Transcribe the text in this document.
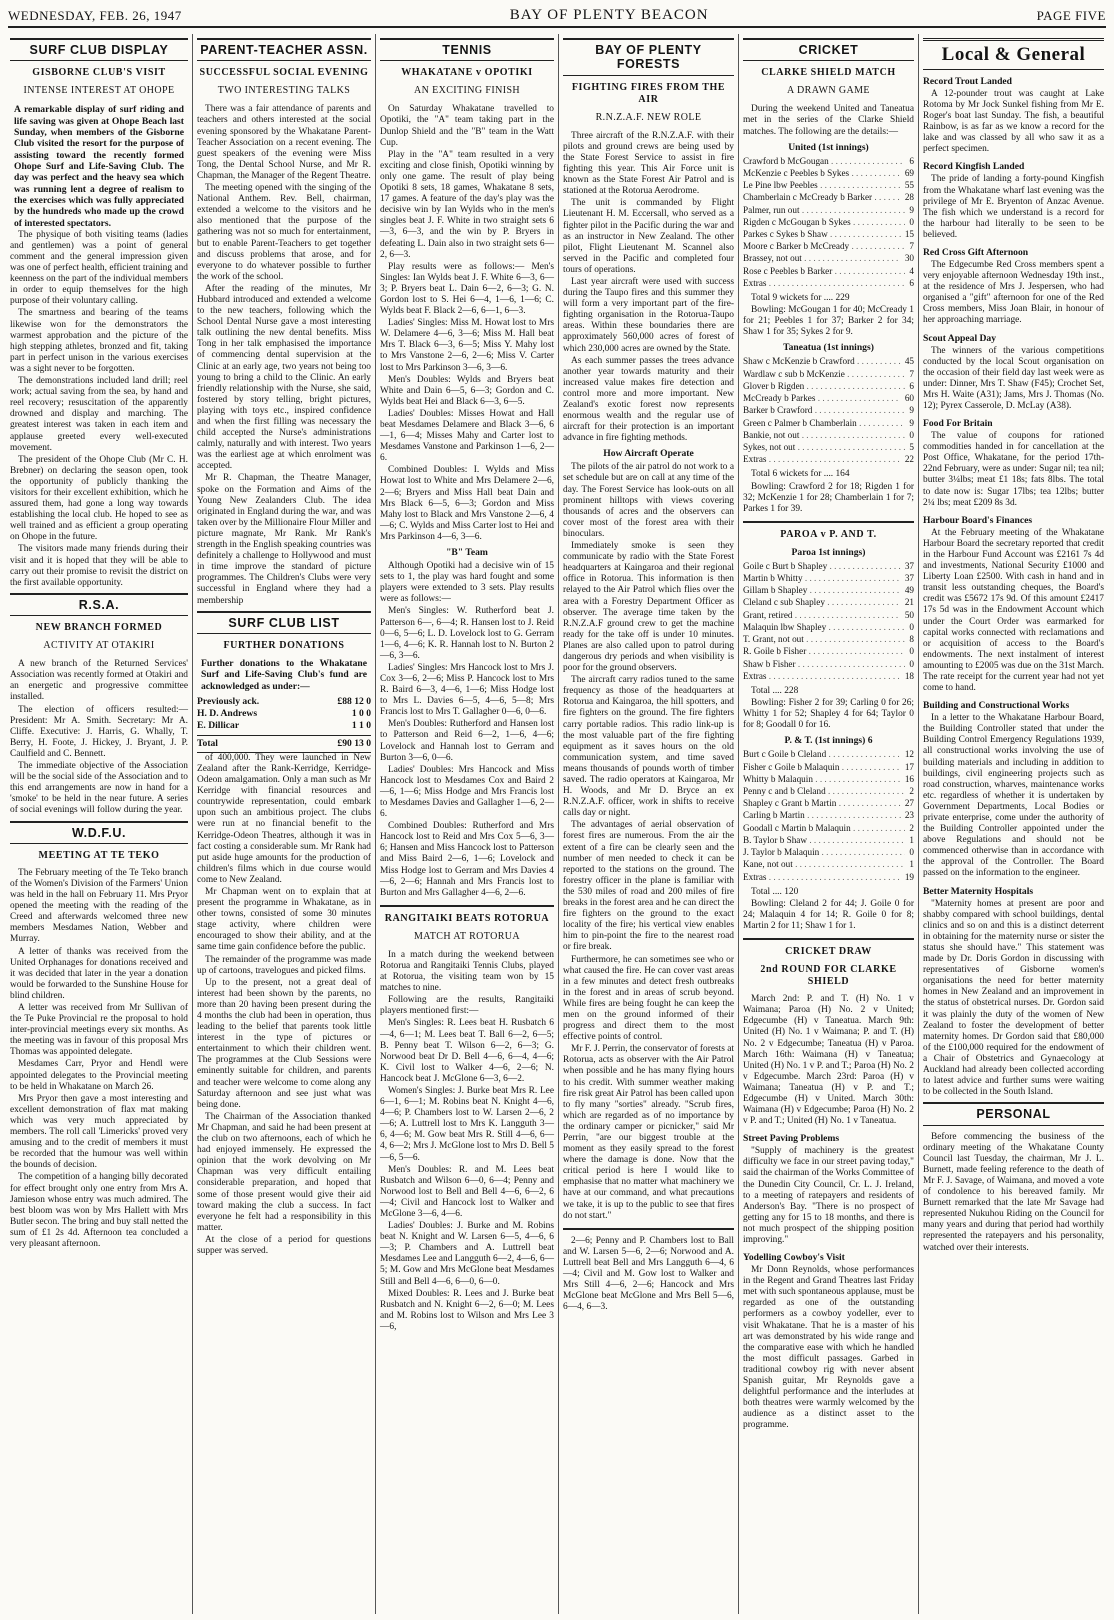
WEDNESDAY, FEB. 26, 1947	BAY OF PLENTY BEACON	PAGE FIVE
SURF CLUB DISPLAY
GISBORNE CLUB'S VISIT
INTENSE INTEREST AT OHOPE

A remarkable display of surf riding and life saving was given at Ohope Beach last Sunday, when members of the Gisborne Club visited the resort for the purpose of assisting toward the recently formed Ohope Surf and Life-Saving Club. The day was perfect and the heavy sea which was running lent a degree of realism to the exercises which was fully appreciated by the hundreds who made up the crowd of interested spectators.

The physique of both visiting teams (ladies and gentlemen) was a point of general comment and the general impression given was one of perfect health, efficient training and keenness on the part of the individual members in order to equip themselves for the high purpose of their voluntary calling.

The smartness and bearing of the teams likewise won for the demonstrators the warmest approbation and the picture of the high stepping athletes, bronzed and fit, taking part in perfect unison in the various exercises was a sight never to be forgotten.

The demonstrations included land drill; reel work; actual saving from the sea, by hand and reel recovery; resuscitation of the apparently drowned and display and marching. The greatest interest was taken in each item and applause greeted every well-executed movement.

The president of the Ohope Club (Mr C. H. Brebner) on declaring the season open, took the opportunity of publicly thanking the visitors for their excellent exhibition, which he assured them, had gone a long way towards establishing the local club. He hoped to see as well trained and as efficient a group operating on Ohope in the future.

The visitors made many friends during their visit and it is hoped that they will be able to carry out their promise to revisit the district on the first available opportunity.

R.S.A.
NEW BRANCH FORMED
ACTIVITY AT OTAKIRI

A new branch of the Returned Services' Association was recently formed at Otakiri and an energetic and progressive committee installed.

The election of officers resulted:— President: Mr A. Smith. Secretary: Mr A. Cliffe. Executive: J. Harris, G. Whally, T. Berry, H. Foote, J. Hickey, J. Bryant, J. P. Caulfield and C. Bennett.

The immediate objective of the Association will be the social side of the Association and to this end arrangements are now in hand for a 'smoke' to be held in the near future. A series of social evenings will follow during the year.

W.D.F.U.
MEETING AT TE TEKO

The February meeting of the Te Teko branch of the Women's Division of the Farmers' Union was held in the hall on February 11. Mrs Pryor opened the meeting with the reading of the Creed and afterwards welcomed three new members Mesdames Nation, Webber and Murray.

A letter of thanks was received from the United Orphanages for donations received and it was decided that later in the year a donation would be forwarded to the Sunshine House for blind children.

A letter was received from Mr Sullivan of the Te Puke Provincial re the proposal to hold inter-provincial meetings every six months. As the meeting was in favour of this proposal Mrs Thomas was appointed delegate.

Mesdames Carr, Pryor and Hendl were appointed delegates to the Provincial meeting to be held in Whakatane on March 26.

Mrs Pryor then gave a most interesting and excellent demonstration of flax mat making which was very much appreciated by members. The roll call 'Limericks' proved very amusing and to the credit of members it must be recorded that the humour was well within the bounds of decision.

The competition of a hanging billy decorated for effect brought only one entry from Mrs A. Jamieson whose entry was much admired. The best bloom was won by Mrs Hallett with Mrs Butler secon. The bring and buy stall netted the sum of £1 2s 4d. Afternoon tea concluded a very pleasant afternoon.

PARENT-TEACHER ASSN.
SUCCESSFUL SOCIAL EVENING
TWO INTERESTING TALKS

There was a fair attendance of parents and teachers and others interested at the social evening sponsored by the Whakatane Parent-Teacher Association on a recent evening. The guest speakers of the evening were Miss Tong, the Dental School Nurse, and Mr R. Chapman, the Manager of the Regent Theatre.

The meeting opened with the singing of the National Anthem. Rev. Bell, chairman, extended a welcome to the visitors and he also mentioned that the purpose of the gathering was not so much for entertainment, but to enable Parent-Teachers to get together and discuss problems that arose, and for everyone to do whatever possible to further the work of the school.

After the reading of the minutes, Mr Hubbard introduced and extended a welcome to the new teachers, following which the School Dental Nurse gave a most interesting talk outlining the new dental benefits. Miss Tong in her talk emphasised the importance of commencing dental supervision at the Clinic at an early age, two years not being too young to bring a child to the Clinic. An early friendly relationship with the Nurse, she said, fostered by story telling, bright pictures, playing with toys etc., inspired confidence and when the first filling was necessary the child accepted the Nurse's administrations calmly, naturally and with interest. Two years was the earliest age at which enrolment was accepted.

Mr R. Chapman, the Theatre Manager, spoke on the Formation and Aims of the Young New Zealanders Club. The idea originated in England during the war, and was taken over by the Millionaire Flour Miller and picture magnate, Mr Rank. Mr Rank's strength in the English speaking countries was definitely a challenge to Hollywood and must in time improve the standard of picture programmes. The Children's Clubs were very successful in England where they had a membership

SURF CLUB LIST
FURTHER DONATIONS

Further donations to the Whakatane Surf and Life-Saving Club's fund are acknowledged as under:—

Previously ack.	£88 12 0
H. D. Andrews	1 0 0
E. Dillicar	1 1 0
Total	£90 13 0

of 400,000. They were launched in New Zealand after the Rank-Kerridge, Kerridge-Odeon amalgamation. Only a man such as Mr Kerridge with financial resources and countrywide representation, could embark upon such an ambitious project. The clubs were run at no financial benefit to the Kerridge-Odeon Theatres, although it was in fact costing a considerable sum. Mr Rank had put aside huge amounts for the production of children's films which in due course would come to New Zealand.

Mr Chapman went on to explain that at present the programme in Whakatane, as in other towns, consisted of some 30 minutes stage activity, where children were encouraged to show their ability, and at the same time gain confidence before the public.

The remainder of the programme was made up of cartoons, travelogues and picked films.

Up to the present, not a great deal of interest had been shown by the parents, no more than 20 having been present during the 4 months the club had been in operation, thus leading to the belief that parents took little interest in the type of pictures or entertainment to which their children went. The programmes at the Club Sessions were eminently suitable for children, and parents and teacher were welcome to come along any Saturday afternoon and see just what was being done.

The Chairman of the Association thanked Mr Chapman, and said he had been present at the club on two afternoons, each of which he had enjoyed immensely. He expressed the opinion that the work devolving on Mr Chapman was very difficult entailing considerable preparation, and hoped that some of those present would give their aid toward making the club a success. In fact everyone he felt had a responsibility in this matter.

At the close of a period for questions supper was served.

TENNIS
WHAKATANE v OPOTIKI
AN EXCITING FINISH

On Saturday Whakatane travelled to Opotiki, the "A" team taking part in the Dunlop Shield and the "B" team in the Watt Cup.

Play in the "A" team resulted in a very exciting and close finish, Opotiki winning by only one game. The result of play being Opotiki 8 sets, 18 games, Whakatane 8 sets, 17 games. A feature of the day's play was the decisive win by Ian Wylds who in the men's singles beat J. F. White in two straight sets 6—3, 6—3, and the win by P. Bryers in defeating L. Dain also in two straight sets 6—2, 6—3.

Play results were as follows:— Men's Singles: Ian Wylds beat J. F. White 6—3, 6—3; P. Bryers beat L. Dain 6—2, 6—3; G. N. Gordon lost to S. Hei 6—4, 1—6, 1—6; C. Wylds beat F. Black 2—6, 6—1, 6—3.

Ladies' Singles: Miss M. Howat lost to Mrs W. Delamere 4—6, 3—6; Miss M. Hall beat Mrs T. Black 6—3, 6—5; Miss Y. Mahy lost to Mrs Vanstone 2—6, 2—6; Miss V. Carter lost to Mrs Parkinson 3—6, 3—6.

Men's Doubles: Wylds and Bryers beat White and Dain 6—5, 6—3; Gordon and C. Wylds beat Hei and Black 6—3, 6—5.

Ladies' Doubles: Misses Howat and Hall beat Mesdames Delamere and Black 3—6, 6—1, 6—4; Misses Mahy and Carter lost to Mesdames Vanstone and Parkinson 1—6, 2—6.

Combined Doubles: I. Wylds and Miss Howat lost to White and Mrs Delamere 2—6, 2—6; Bryers and Miss Hall beat Dain and Mrs Black 6—5, 6—3; Gordon and Miss Mahy lost to Black and Mrs Vanstone 2—6, 4—6; C. Wylds and Miss Carter lost to Hei and Mrs Parkinson 4—6, 3—6.

"B" Team

Although Opotiki had a decisive win of 15 sets to 1, the play was hard fought and some players were extended to 3 sets. Play results were as follows:—

Men's Singles: W. Rutherford beat J. Patterson 6—, 6—4; R. Hansen lost to J. Reid 0—6, 5—6; L. D. Lovelock lost to G. Gerram 1—6, 4—6; K. R. Hannah lost to N. Burton 2—6, 3—6.

Ladies' Singles: Mrs Hancock lost to Mrs J. Cox 3—6, 2—6; Miss P. Hancock lost to Mrs R. Baird 6—3, 4—6, 1—6; Miss Hodge lost to Mrs L. Davies 6—5, 4—6, 5—8; Mrs Francis lost to Mrs T. Gallagher 0—6, 0—6.

Men's Doubles: Rutherford and Hansen lost to Patterson and Reid 6—2, 1—6, 4—6; Lovelock and Hannah lost to Gerram and Burton 3—6, 0—6.

Ladies' Doubles: Mrs Hancock and Miss Hancock lost to Mesdames Cox and Baird 2—6, 1—6; Miss Hodge and Mrs Francis lost to Mesdames Davies and Gallagher 1—6, 2—6.

Combined Doubles: Rutherford and Mrs Hancock lost to Reid and Mrs Cox 5—6, 3—6; Hansen and Miss Hancock lost to Patterson and Miss Baird 2—6, 1—6; Lovelock and Miss Hodge lost to Gerram and Mrs Davies 4—6, 2—6; Hannah and Mrs Francis lost to Burton and Mrs Gallagher 4—6, 2—6.

RANGITAIKI BEATS ROTORUA
MATCH AT ROTORUA

In a match during the weekend between Rotorua and Rangitaiki Tennis Clubs, played at Rotorua, the visiting team won by 15 matches to nine.

Following are the results, Rangitaiki players mentioned first:—

Men's Singles: R. Lees beat H. Rusbatch 6—4, 6—1; M. Lees beat T. Ball 6—2, 6—5; B. Penny beat T. Wilson 6—2, 6—3; G. Norwood beat Dr D. Bell 4—6, 6—4, 4—6; K. Civil lost to Walker 4—6, 2—6; N. Hancock beat J. McGlone 6—3, 6—2.

Women's Singles: J. Burke beat Mrs R. Lee 6—1, 6—1; M. Robins beat N. Knight 4—6, 4—6; P. Chambers lost to W. Larsen 2—6, 2—6; A. Luttrell lost to Mrs K. Langguth 3—6, 4—6; M. Gow beat Mrs R. Still 4—6, 6—4, 6—2; Mrs J. McGlone lost to Mrs D. Bell 5—6, 5—6.

Men's Doubles: R. and M. Lees beat Rusbatch and Wilson 6—0, 6—4; Penny and Norwood lost to Bell and Bell 4—6, 6—2, 6—4; Civil and Hancock lost to Walker and McGlone 3—6, 4—6.

Ladies' Doubles: J. Burke and M. Robins beat N. Knight and W. Larsen 6—5, 4—6, 6—3; P. Chambers and A. Luttrell beat Mesdames Lee and Langguth 6—2, 4—6, 6—5; M. Gow and Mrs McGlone beat Mesdames Still and Bell 4—6, 6—0, 6—0.

Mixed Doubles: R. Lees and J. Burke beat Rusbatch and N. Knight 6—2, 6—0; M. Lees and M. Robins lost to Wilson and Mrs Lee 3—6,

BAY OF PLENTY FORESTS
FIGHTING FIRES FROM THE AIR
R.N.Z.A.F. NEW ROLE

Three aircraft of the R.N.Z.A.F. with their pilots and ground crews are being used by the State Forest Service to assist in fire fighting this year. This Air Force unit is known as the State Forest Air Patrol and is stationed at the Rotorua Aerodrome.

The unit is commanded by Flight Lieutenant H. M. Eccersall, who served as a fighter pilot in the Pacific during the war and as an instructor in New Zealand. The other pilot, Flight Lieutenant M. Scannel also served in the Pacific and completed four tours of operations.

Last year aircraft were used with success during the Taupo fires and this summer they will form a very important part of the fire-fighting organisation in the Rotorua-Taupo areas. Within these boundaries there are approximately 560,000 acres of forest of which 230,000 acres are owned by the State.

As each summer passes the trees advance another year towards maturity and their increased value makes fire detection and control more and more important. New Zealand's exotic forest now represents enormous wealth and the regular use of aircraft for their protection is an important advance in fire fighting methods.

How Aircraft Operate

The pilots of the air patrol do not work to a set schedule but are on call at any time of the day. The Forest Service has look-outs on all prominent hilltops with views covering thousands of acres and the observers can cover most of the forest area with their binoculars.

Immediately smoke is seen they communicate by radio with the State Forest headquarters at Kaingaroa and their regional office in Rotorua. This information is then relayed to the Air Patrol which flies over the area with a Forestry Department Officer as observer. The average time taken by the R.N.Z.A.F ground crew to get the machine ready for the take off is under 10 minutes. Planes are also called upon to patrol during dangerous dry periods and when visibility is poor for the ground observers.

The aircraft carry radios tuned to the same frequency as those of the headquarters at Rotorua and Kaingaroa, the hill spotters, and fire fighters on the ground. The fire fighters carry portable radios. This radio link-up is the most valuable part of the fire fighting equipment as it saves hours on the old communication system, and time saved means thousands of pounds worth of timber saved. The radio operators at Kaingaroa, Mr H. Woods, and Mr D. Bryce an ex R.N.Z.A.F. officer, work in shifts to receive calls day or night.

The advantages of aerial observation of forest fires are numerous. From the air the extent of a fire can be clearly seen and the number of men needed to check it can be reported to the stations on the ground. The forestry officer in the plane is familiar with the 530 miles of road and 200 miles of fire breaks in the forest area and he can direct the fire fighters on the ground to the exact locality of the fire; his vertical view enables him to pin-point the fire to the nearest road or fire break.

Furthermore, he can sometimes see who or what caused the fire. He can cover vast areas in a few minutes and detect fresh outbreaks in the forest and in areas of scrub beyond. While fires are being fought he can keep the men on the ground informed of their progress and direct them to the most effective points of control.

Mr F. J. Perrin, the conservator of forests at Rotorua, acts as observer with the Air Patrol when possible and he has many flying hours to his credit. With summer weather making fire risk great Air Patrol has been called upon to fly many "sorties" already. "Scrub fires, which are regarded as of no importance by the ordinary camper or picnicker," said Mr Perrin, "are our biggest trouble at the moment as they easily spread to the forest where the damage is done. Now that the critical period is here I would like to emphasise that no matter what machinery we have at our command, and what precautions we take, it is up to the public to see that fires do not start."

2—6; Penny and P. Chambers lost to Ball and W. Larsen 5—6, 2—6; Norwood and A. Luttrell beat Bell and Mrs Langguth 6—4, 6—4; Civil and M. Gow lost to Walker and Mrs Still 4—6, 2—6; Hancock and Mrs McGlone beat McGlone and Mrs Bell 5—6, 6—4, 6—3.

CRICKET
CLARKE SHIELD MATCH
A DRAWN GAME

During the weekend United and Taneatua met in the series of the Clarke Shield matches. The following are the details:—

United (1st innings)
Crawford b McGougan . . .	6
McKenzie c Peebles b Sykes . . .	69
Le Pine lbw Peebles . . .	55
Chamberlain c McCready b Barker . . .	28
Palmer, run out . . .	9
Rigden c McGougan b Sykes . . .	0
Parkes c Sykes b Shaw . . .	15
Moore c Barker b McCready . . .	7
Brassey, not out . . .	30
Rose c Peebles b Barker . . .	4
Extras . . .	6

Total 9 wickets for .... 229

Bowling: McGougan 1 for 40; McCready 1 for 21; Peebles 1 for 37; Barker 2 for 34; Shaw 1 for 35; Sykes 2 for 9.

Taneatua (1st innings)
Shaw c McKenzie b Crawford . . .	45
Wardlaw c sub b McKenzie . . .	7
Glover b Rigden . . .	6
McCready b Parkes . . .	60
Barker b Crawford . . .	9
Green c Palmer b Chamberlain . . .	9
Bankie, not out . . .	0
Sykes, not out . . .	5
Extras . . .	22

Total 6 wickets for .... 164

Bowling: Crawford 2 for 18; Rigden 1 for 32; McKenzie 1 for 28; Chamberlain 1 for 7; Parkes 1 for 39.

PAROA v P. AND T.
Paroa 1st innings)
Goile c Burt b Shapley . . .	37
Martin b Whitty . . .	37
Gillam b Shapley . . .	49
Cleland c sub Shapley . . .	21
Grant, retired . . .	50
Malaquin lbw Shapley . . .	0
T. Grant, not out . . .	8
R. Goile b Fisher . . .	0
Shaw b Fisher . . .	0
Extras . . .	18

Total .... 228

Bowling: Fisher 2 for 39; Carling 0 for 26; Whitty 1 for 52; Shapley 4 for 64; Taylor 0 for 8; Goodall 0 for 16.

P. & T. (1st innings) 6
Burt c Goile b Cleland . . .	12
Fisher c Goile b Malaquin . . .	17
Whitty b Malaquin . . .	16
Penny c and b Cleland . . .	2
Shapley c Grant b Martin . . .	27
Carling b Martin . . .	23
Goodall c Martin b Malaquin . . .	2
B. Taylor b Shaw . . .	1
J. Taylor b Malaquin . . .	0
Kane, not out . . .	1
Extras . . .	19

Total .... 120

Bowling: Cleland 2 for 44; J. Goile 0 for 24; Malaquin 4 for 14; R. Goile 0 for 8; Martin 2 for 11; Shaw 1 for 1.

CRICKET DRAW
2nd ROUND FOR CLARKE SHIELD

March 2nd: P. and T. (H) No. 1 v Waimana; Paroa (H) No. 2 v United; Edgecumbe (H) v Taneatua. March 9th: United (H) No. 1 v Waimana; P. and T. (H) No. 2 v Edgecumbe; Taneatua (H) v Paroa. March 16th: Waimana (H) v Taneatua; United (H) No. 1 v P. and T.; Paroa (H) No. 2 v Edgecumbe. March 23rd: Paroa (H) v Waimana; Taneatua (H) v P. and T.; Edgecumbe (H) v United. March 30th: Waimana (H) v Edgecumbe; Paroa (H) No. 2 v P. and T.; United (H) No. 1 v Taneatua.

Street Paving Problems

"Supply of machinery is the greatest difficulty we face in our street paving today," said the chairman of the Works Committee of the Dunedin City Council, Cr. L. J. Ireland, to a meeting of ratepayers and residents of Anderson's Bay. "There is no prospect of getting any for 15 to 18 months, and there is not much prospect of the shipping position improving."

Yodelling Cowboy's Visit

Mr Donn Reynolds, whose performances in the Regent and Grand Theatres last Friday met with such spontaneous applause, must be regarded as one of the outstanding performers as a cowboy yodeller, ever to visit Whakatane. That he is a master of his art was demonstrated by his wide range and the comparative ease with which he handled the most difficult passages. Garbed in traditional cowboy rig with never absent Spanish guitar, Mr Reynolds gave a delightful performance and the interludes at both theatres were warmly welcomed by the audience as a distinct asset to the programme.

Local & General
Record Trout Landed

A 12-pounder trout was caught at Lake Rotoma by Mr Jock Sunkel fishing from Mr E. Roger's boat last Sunday. The fish, a beautiful Rainbow, is as far as we know a record for the lake and was classed by all who saw it as a perfect specimen.

Record Kingfish Landed

The pride of landing a forty-pound Kingfish from the Whakatane wharf last evening was the privilege of Mr E. Bryenton of Anzac Avenue. The fish which we understand is a record for the harbour had literally to be seen to be believed.

Red Cross Gift Afternoon

The Edgecumbe Red Cross members spent a very enjoyable afternoon Wednesday 19th inst., at the residence of Mrs J. Jespersen, who had organised a "gift" afternoon for one of the Red Cross members, Miss Joan Blair, in honour of her approaching marriage.

Scout Appeal Day

The winners of the various competitions conducted by the local Scout organisation on the occasion of their field day last week were as under: Dinner, Mrs T. Shaw (F45); Crochet Set, Mrs H. Waite (A31); Jams, Mrs J. Thomas (No. 12); Pyrex Casserole, D. McLay (A38).

Food For Britain

The value of coupons for rationed commodities handed in for cancellation at the Post Office, Whakatane, for the period 17th-22nd February, were as under: Sugar nil; tea nil; butter 3¼lbs; meat £1 18s; fats 8lbs. The total to date now is: Sugar 17lbs; tea 12lbs; butter 2¼ lbs; meat £209 8s 3d.

Harbour Board's Finances

At the February meeting of the Whakatane Harbour Board the secretary reported that credit in the Harbour Fund Account was £2161 7s 4d and investments, National Security £1000 and Liberty Loan £2500. With cash in hand and in transit less outstanding cheques, the Board's credit was £5672 17s 9d. Of this amount £2417 17s 5d was in the Endowment Account which under the Court Order was earmarked for capital works connected with reclamations and or acquisition of access to the Board's endowments. The next instalment of interest amounting to £2005 was due on the 31st March. The rate receipt for the current year had not yet come to hand.

Building and Constructional Works

In a letter to the Whakatane Harbour Board, the Building Controller stated that under the Building Control Emergency Regulations 1939, all constructional works involving the use of building materials and including in addition to buildings, civil engineering projects such as road construction, wharves, maintenance works etc. regardless of whether it is undertaken by Government Departments, Local Bodies or private enterprise, come under the authority of the Building Controller appointed under the above Regulations and should not be commenced otherwise than in accordance with the approval of the Controller. The Board passed on the information to the engineer.

Better Maternity Hospitals

"Maternity homes at present are poor and shabby compared with school buildings, dental clinics and so on and this is a distinct deterrent in obtaining for the maternity nurse or sister the status she should have." This statement was made by Dr. Doris Gordon in discussing with representatives of Gisborne women's organisations the need for better maternity homes in New Zealand and an improvement in the status of obstetrical nurses. Dr. Gordon said it was plainly the duty of the women of New Zealand to foster the development of better maternity homes. Dr Gordon said that £80,000 of the £100,000 required for the endowment of a Chair of Obstetrics and Gynaecology at Auckland had already been collected according to latest advice and further sums were waiting to be collected in the South Island.

PERSONAL

Before commencing the business of the ordinary meeting of the Whakatane County Council last Tuesday, the chairman, Mr J. L. Burnett, made feeling reference to the death of Mr F. J. Savage, of Waimana, and moved a vote of condolence to his bereaved family. Mr Burnett remarked that the late Mr Savage had represented Nukuhou Riding on the Council for many years and during that period had worthily represented the ratepayers and his personality, watched over their interests.
